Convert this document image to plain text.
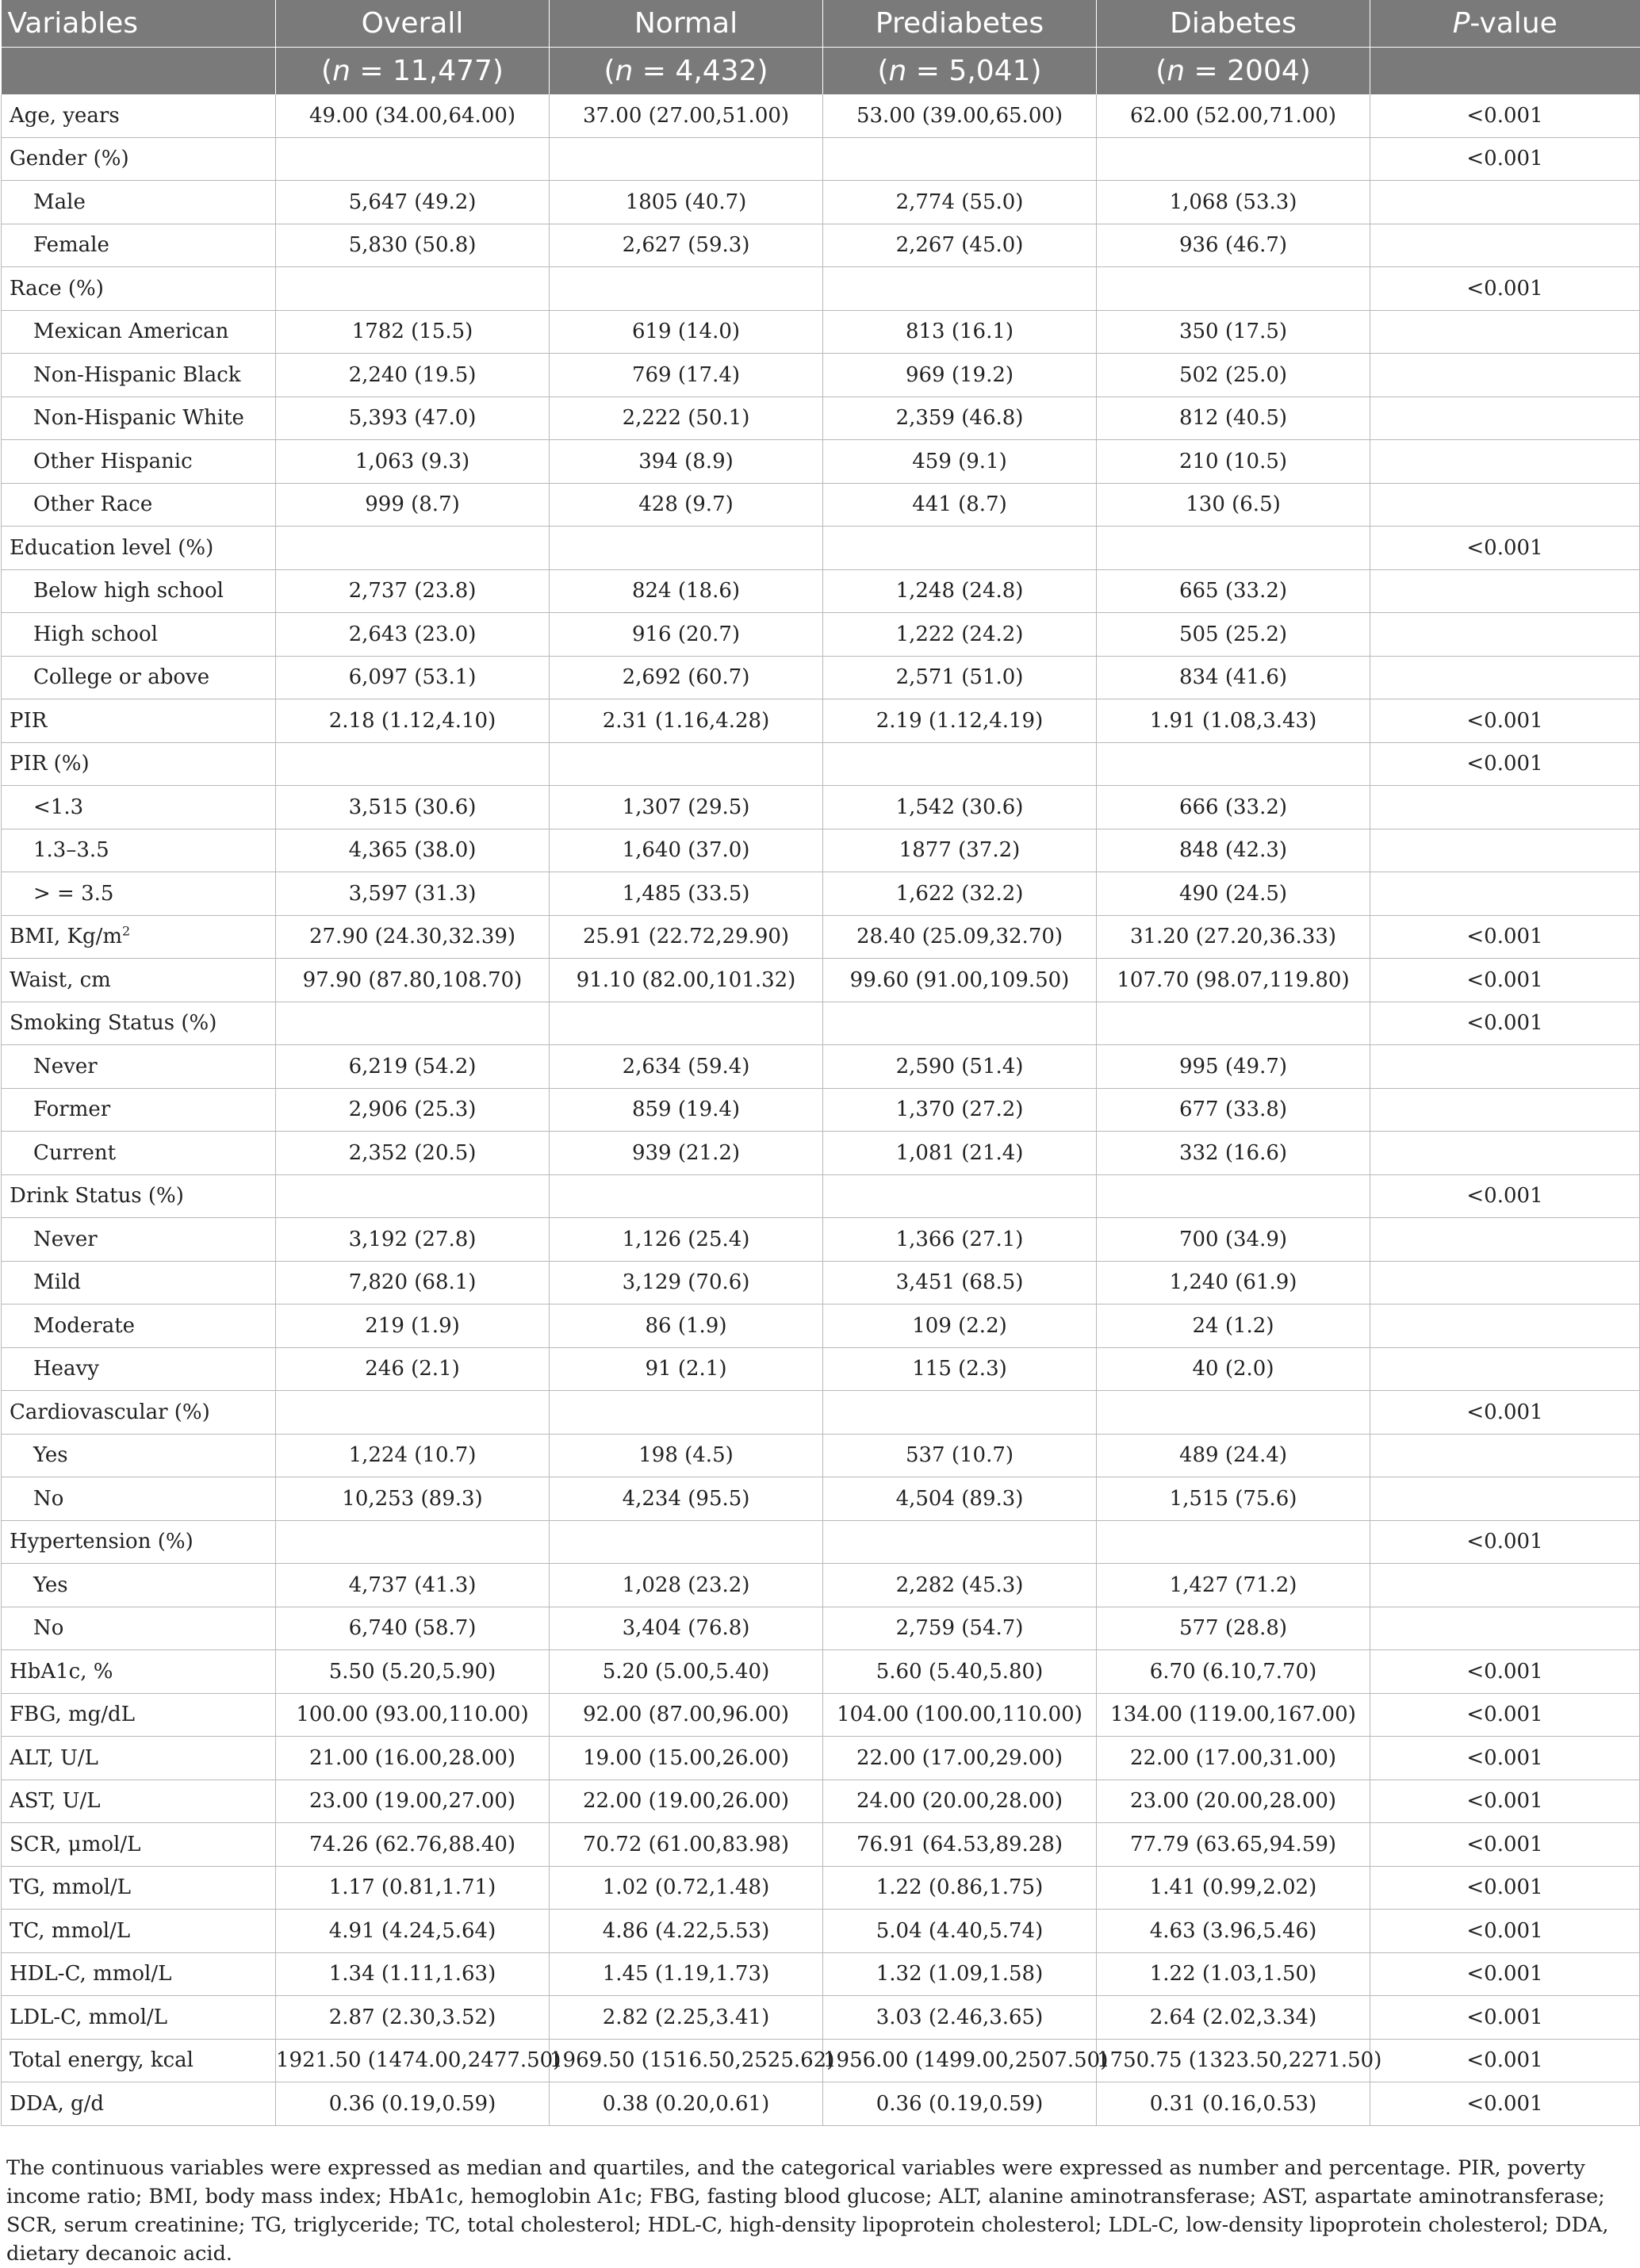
Variables	Overall	Normal	Prediabetes	Diabetes	P-value
	(n = 11,477)	(n = 4,432)	(n = 5,041)	(n = 2004)	
Age, years	49.00 (34.00,64.00)	37.00 (27.00,51.00)	53.00 (39.00,65.00)	62.00 (52.00,71.00)	<0.001
Gender (%)					<0.001
Male	5,647 (49.2)	1805 (40.7)	2,774 (55.0)	1,068 (53.3)	
Female	5,830 (50.8)	2,627 (59.3)	2,267 (45.0)	936 (46.7)	
Race (%)					<0.001
Mexican American	1782 (15.5)	619 (14.0)	813 (16.1)	350 (17.5)	
Non-Hispanic Black	2,240 (19.5)	769 (17.4)	969 (19.2)	502 (25.0)	
Non-Hispanic White	5,393 (47.0)	2,222 (50.1)	2,359 (46.8)	812 (40.5)	
Other Hispanic	1,063 (9.3)	394 (8.9)	459 (9.1)	210 (10.5)	
Other Race	999 (8.7)	428 (9.7)	441 (8.7)	130 (6.5)	
Education level (%)					<0.001
Below high school	2,737 (23.8)	824 (18.6)	1,248 (24.8)	665 (33.2)	
High school	2,643 (23.0)	916 (20.7)	1,222 (24.2)	505 (25.2)	
College or above	6,097 (53.1)	2,692 (60.7)	2,571 (51.0)	834 (41.6)	
PIR	2.18 (1.12,4.10)	2.31 (1.16,4.28)	2.19 (1.12,4.19)	1.91 (1.08,3.43)	<0.001
PIR (%)					<0.001
<1.3	3,515 (30.6)	1,307 (29.5)	1,542 (30.6)	666 (33.2)	
1.3–3.5	4,365 (38.0)	1,640 (37.0)	1877 (37.2)	848 (42.3)	
> = 3.5	3,597 (31.3)	1,485 (33.5)	1,622 (32.2)	490 (24.5)	
BMI, $Kg/m^2$	27.90 (24.30,32.39)	25.91 (22.72,29.90)	28.40 (25.09,32.70)	31.20 (27.20,36.33)	<0.001
Waist, cm	97.90 (87.80,108.70)	91.10 (82.00,101.32)	99.60 (91.00,109.50)	107.70 (98.07,119.80)	<0.001
Smoking Status (%)					<0.001
Never	6,219 (54.2)	2,634 (59.4)	2,590 (51.4)	995 (49.7)	
Former	2,906 (25.3)	859 (19.4)	1,370 (27.2)	677 (33.8)	
Current	2,352 (20.5)	939 (21.2)	1,081 (21.4)	332 (16.6)	
Drink Status (%)					<0.001
Never	3,192 (27.8)	1,126 (25.4)	1,366 (27.1)	700 (34.9)	
Mild	7,820 (68.1)	3,129 (70.6)	3,451 (68.5)	1,240 (61.9)	
Moderate	219 (1.9)	86 (1.9)	109 (2.2)	24 (1.2)	
Heavy	246 (2.1)	91 (2.1)	115 (2.3)	40 (2.0)	
Cardiovascular (%)					<0.001
Yes	1,224 (10.7)	198 (4.5)	537 (10.7)	489 (24.4)	
No	10,253 (89.3)	4,234 (95.5)	4,504 (89.3)	1,515 (75.6)	
Hypertension (%)					<0.001
Yes	4,737 (41.3)	1,028 (23.2)	2,282 (45.3)	1,427 (71.2)	
No	6,740 (58.7)	3,404 (76.8)	2,759 (54.7)	577 (28.8)	
HbA1c, %	5.50 (5.20,5.90)	5.20 (5.00,5.40)	5.60 (5.40,5.80)	6.70 (6.10,7.70)	<0.001
FBG, mg/dL	100.00 (93.00,110.00)	92.00 (87.00,96.00)	104.00 (100.00,110.00)	134.00 (119.00,167.00)	<0.001
ALT, U/L	21.00 (16.00,28.00)	19.00 (15.00,26.00)	22.00 (17.00,29.00)	22.00 (17.00,31.00)	<0.001
AST, U/L	23.00 (19.00,27.00)	22.00 (19.00,26.00)	24.00 (20.00,28.00)	23.00 (20.00,28.00)	<0.001
SCR, μmol/L	74.26 (62.76,88.40)	70.72 (61.00,83.98)	76.91 (64.53,89.28)	77.79 (63.65,94.59)	<0.001
TG, mmol/L	1.17 (0.81,1.71)	1.02 (0.72,1.48)	1.22 (0.86,1.75)	1.41 (0.99,2.02)	<0.001
TC, mmol/L	4.91 (4.24,5.64)	4.86 (4.22,5.53)	5.04 (4.40,5.74)	4.63 (3.96,5.46)	<0.001
HDL-C, mmol/L	1.34 (1.11,1.63)	1.45 (1.19,1.73)	1.32 (1.09,1.58)	1.22 (1.03,1.50)	<0.001
LDL-C, mmol/L	2.87 (2.30,3.52)	2.82 (2.25,3.41)	3.03 (2.46,3.65)	2.64 (2.02,3.34)	<0.001
Total energy, kcal	1921.50 (1474.00,2477.50)	1969.50 (1516.50,2525.62)	1956.00 (1499.00,2507.50)	1750.75 (1323.50,2271.50)	<0.001
DDA, g/d	0.36 (0.19,0.59)	0.38 (0.20,0.61)	0.36 (0.19,0.59)	0.31 (0.16,0.53)	<0.001
The continuous variables were expressed as median and quartiles, and the categorical variables were expressed as number and percentage. PIR, poverty income ratio; BMI, body mass index; HbA1c, hemoglobin A1c; FBG, fasting blood glucose; ALT, alanine aminotransferase; AST, aspartate aminotransferase; SCR, serum creatinine; TG, triglyceride; TC, total cholesterol; HDL-C, high-density lipoprotein cholesterol; LDL-C, low-density lipoprotein cholesterol; DDA, dietary decanoic acid.
